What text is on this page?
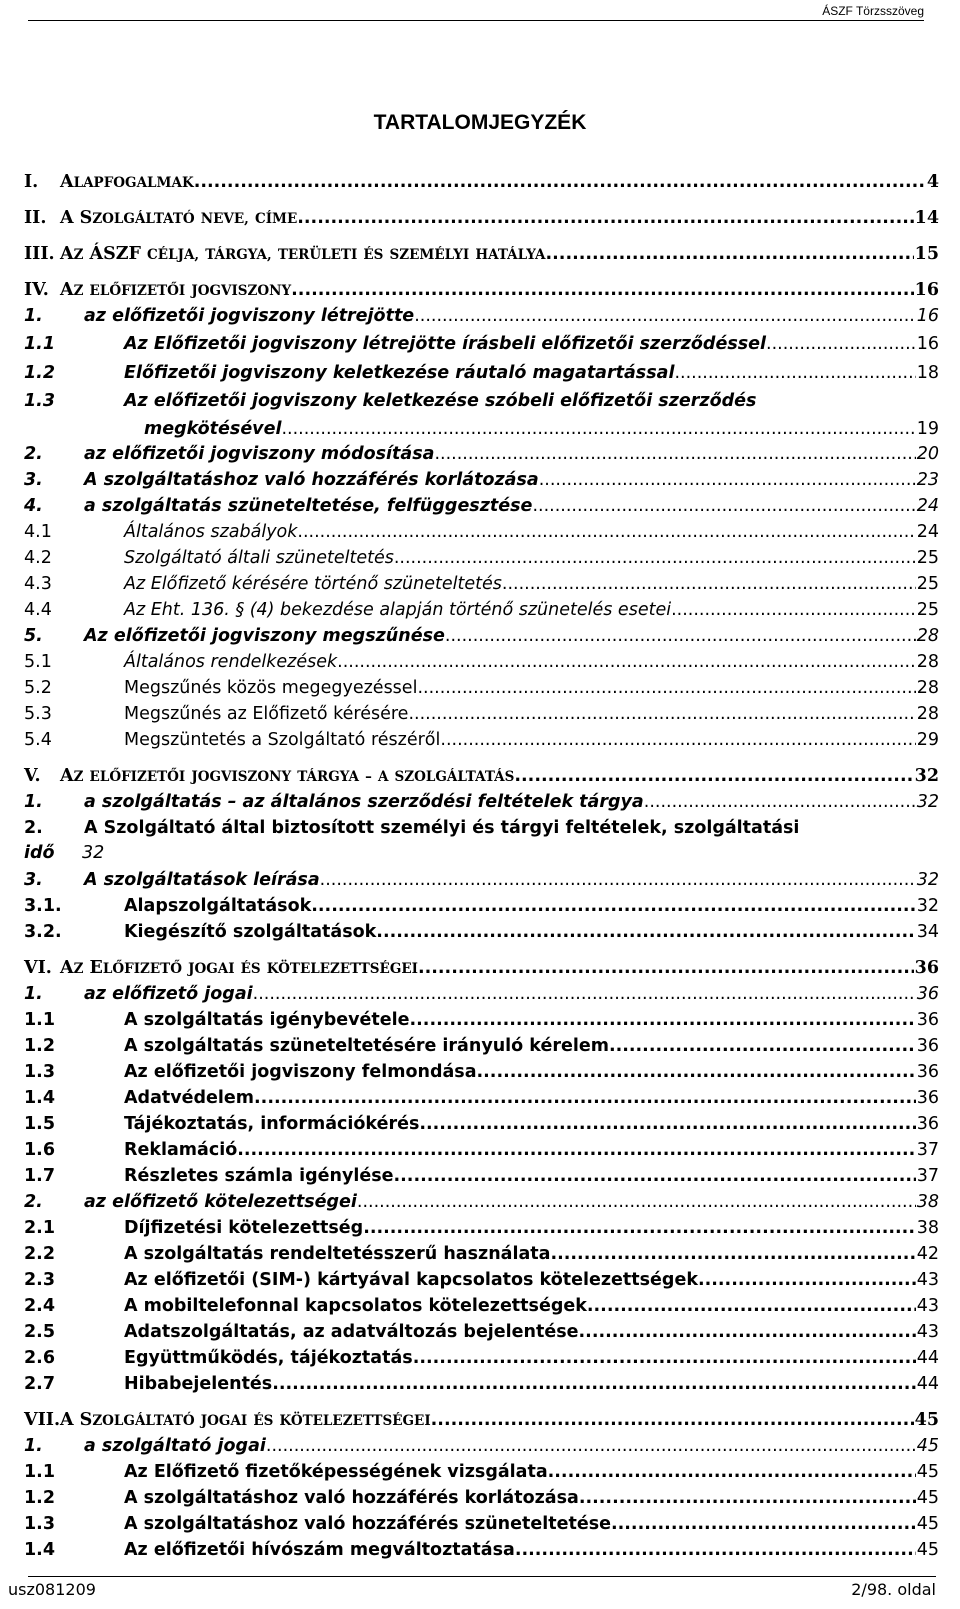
ÁSZF Törzsszöveg
TARTALOMJEGYZÉK
I. ALAPFOGALMAK .....	4
II. A SZOLGÁLTATÓ NEVE, CÍME .....	14
III. AZ ÁSZF CÉLJA, TÁRGYA, TERÜLETI ÉS SZEMÉLYI HATÁLYA .....	15
IV. AZ ELŐFIZETŐI JOGVISZONY .....	16
1. az előfizetői jogviszony létrejötte .....	16
1.1	Az Előfizetői jogviszony létrejötte írásbeli előfizetői szerződéssel .....	16
1.2	Előfizetői jogviszony keletkezése ráutaló magatartással .....	18
1.3	Az előfizetői jogviszony keletkezése szóbeli előfizetői szerződés
megkötésével .....	19
2. az előfizetői jogviszony módosítása .....	20
3. A szolgáltatáshoz való hozzáférés korlátozása .....	23
4. a szolgáltatás szüneteltetése, felfüggesztése .....	24
4.1	Általános szabályok .....	24
4.2	Szolgáltató általi szüneteltetés .....	25
4.3	Az Előfizető kérésére történő szüneteltetés .....	25
4.4	Az Eht. 136. § (4) bekezdése alapján történő szünetelés esetei .....	25
5. Az előfizetői jogviszony megszűnése .....	28
5.1	Általános rendelkezések .....	28
5.2	Megszűnés közös megegyezéssel .....	28
5.3	Megszűnés az Előfizető kérésére .....	28
5.4	Megszüntetés a Szolgáltató részéről .....	29
V. AZ ELŐFIZETŐI JOGVISZONY TÁRGYA – A SZOLGÁLTATÁS .....	32
1. a szolgáltatás – az általános szerződési feltételek tárgya .....	32
2. A Szolgáltató által biztosított személyi és tárgyi feltételek, szolgáltatási
idő 32
3. A szolgáltatások leírása .....	32
3.1.	Alapszolgáltatások .....	32
3.2.	Kiegészítő szolgáltatások .....	34
VI. AZ ELŐFIZETŐ JOGAI ÉS KÖTELEZETTSÉGEI .....	36
1. az előfizető jogai .....	36
1.1	A szolgáltatás igénybevétele .....	36
1.2	A szolgáltatás szüneteltetésére irányuló kérelem .....	36
1.3	Az előfizetői jogviszony felmondása .....	36
1.4	Adatvédelem .....	36
1.5	Tájékoztatás, információkérés .....	36
1.6	Reklamáció .....	37
1.7	Részletes számla igénylése .....	37
2. az előfizető kötelezettségei .....	38
2.1	Díjfizetési kötelezettség .....	38
2.2	A szolgáltatás rendeltetésszerű használata .....	42
2.3	Az előfizetői (SIM-) kártyával kapcsolatos kötelezettségek .....	43
2.4	A mobiltelefonnal kapcsolatos kötelezettségek .....	43
2.5	Adatszolgáltatás, az adatváltozás bejelentése .....	43
2.6	Együttműködés, tájékoztatás .....	44
2.7	Hibabejelentés .....	44
VII. A SZOLGÁLTATÓ JOGAI ÉS KÖTELEZETTSÉGEI .....	45
1. a szolgáltató jogai .....	45
1.1	Az Előfizető fizetőképességének vizsgálata .....	45
1.2	A szolgáltatáshoz való hozzáférés korlátozása .....	45
1.3	A szolgáltatáshoz való hozzáférés szüneteltetése .....	45
1.4	Az előfizetői hívószám megváltoztatása .....	45
usz081209	2/98. oldal
